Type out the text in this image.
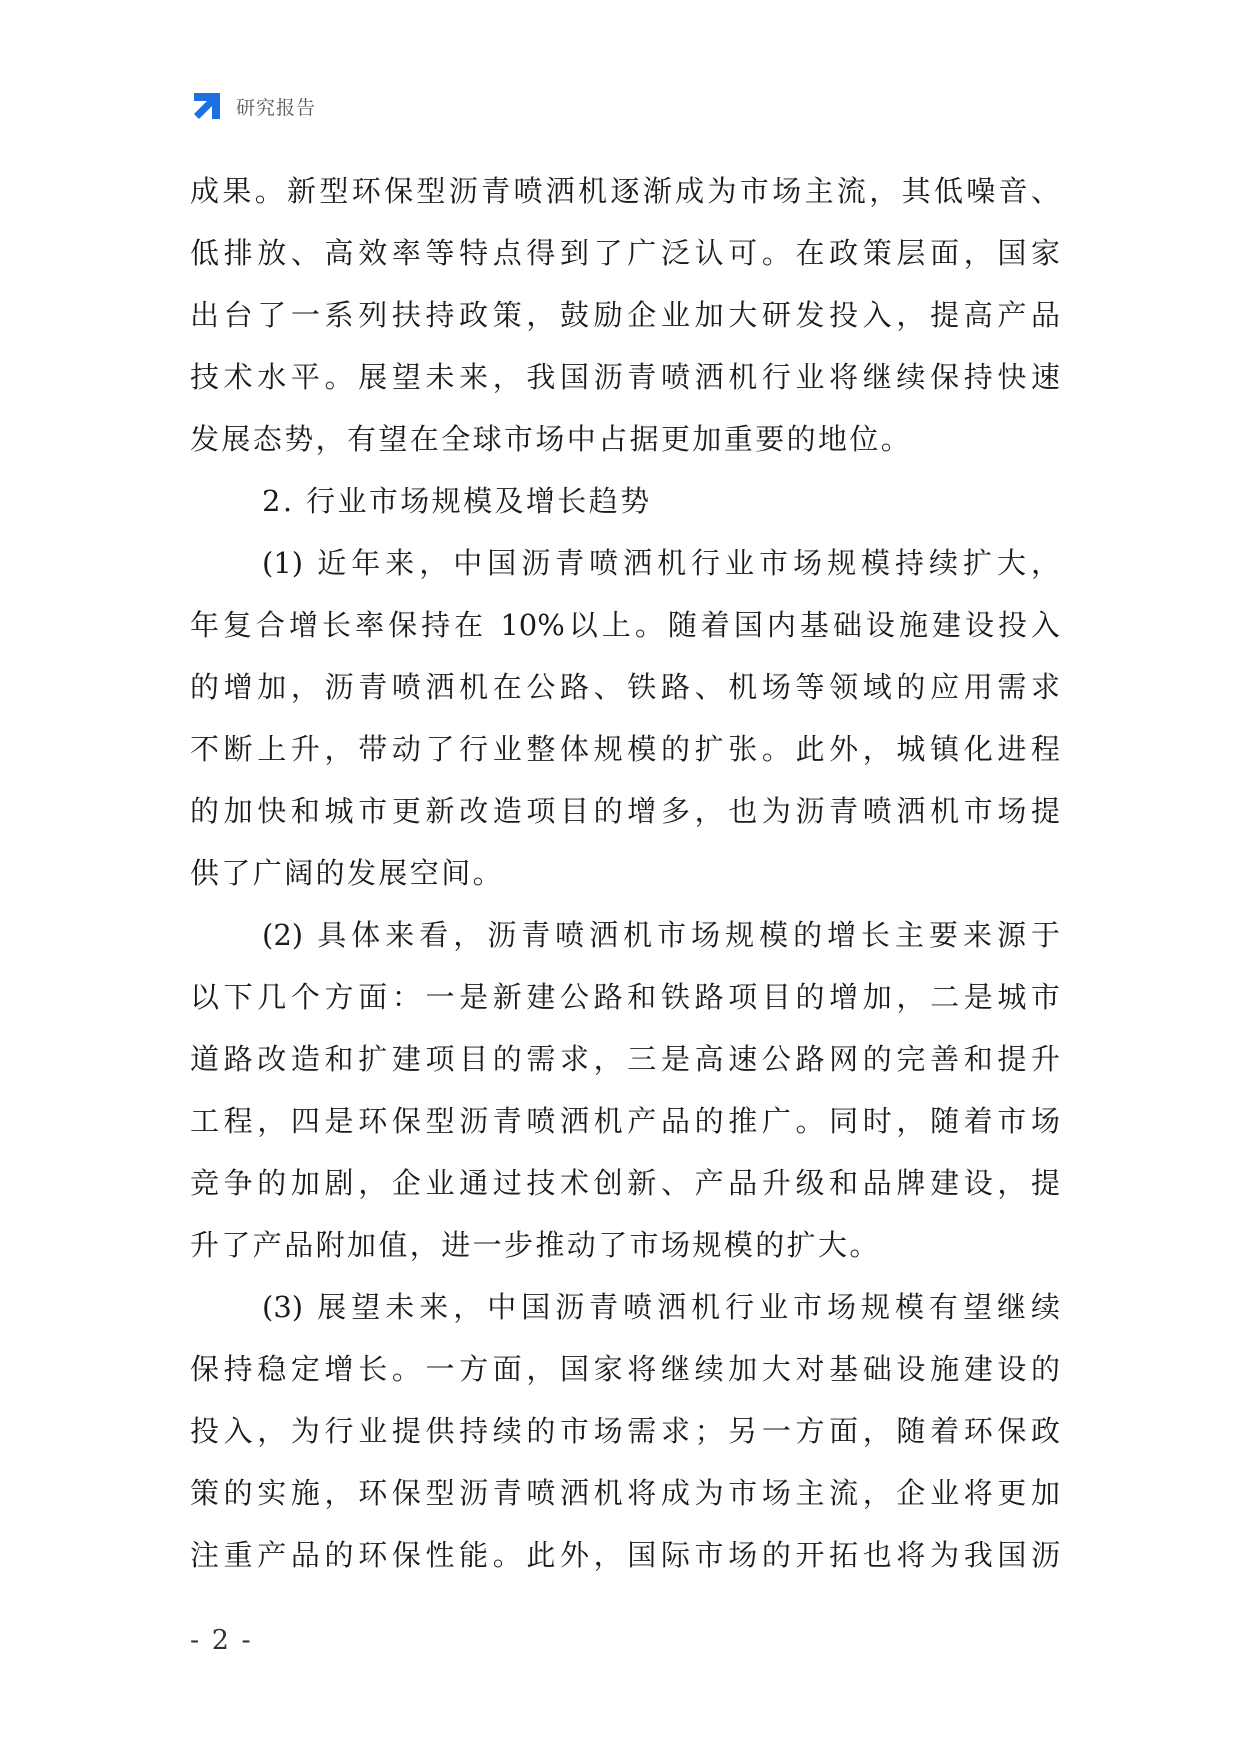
研究报告
成果。新型环保型沥青喷洒机逐渐成为市场主流，其低噪音、
低排放、高效率等特点得到了广泛认可。在政策层面，国家
出台了一系列扶持政策，鼓励企业加大研发投入，提高产品
技术水平。展望未来，我国沥青喷洒机行业将继续保持快速
发展态势，有望在全球市场中占据更加重要的地位。
2. 行业市场规模及增长趋势
(1) 近年来，中国沥青喷洒机行业市场规模持续扩大，
年复合增长率保持在 10%以上。随着国内基础设施建设投入
的增加，沥青喷洒机在公路、铁路、机场等领域的应用需求
不断上升，带动了行业整体规模的扩张。此外，城镇化进程
的加快和城市更新改造项目的增多，也为沥青喷洒机市场提
供了广阔的发展空间。
(2) 具体来看，沥青喷洒机市场规模的增长主要来源于
以下几个方面：一是新建公路和铁路项目的增加，二是城市
道路改造和扩建项目的需求，三是高速公路网的完善和提升
工程，四是环保型沥青喷洒机产品的推广。同时，随着市场
竞争的加剧，企业通过技术创新、产品升级和品牌建设，提
升了产品附加值，进一步推动了市场规模的扩大。
(3) 展望未来，中国沥青喷洒机行业市场规模有望继续
保持稳定增长。一方面，国家将继续加大对基础设施建设的
投入，为行业提供持续的市场需求；另一方面，随着环保政
策的实施，环保型沥青喷洒机将成为市场主流，企业将更加
注重产品的环保性能。此外，国际市场的开拓也将为我国沥
- 2 -
